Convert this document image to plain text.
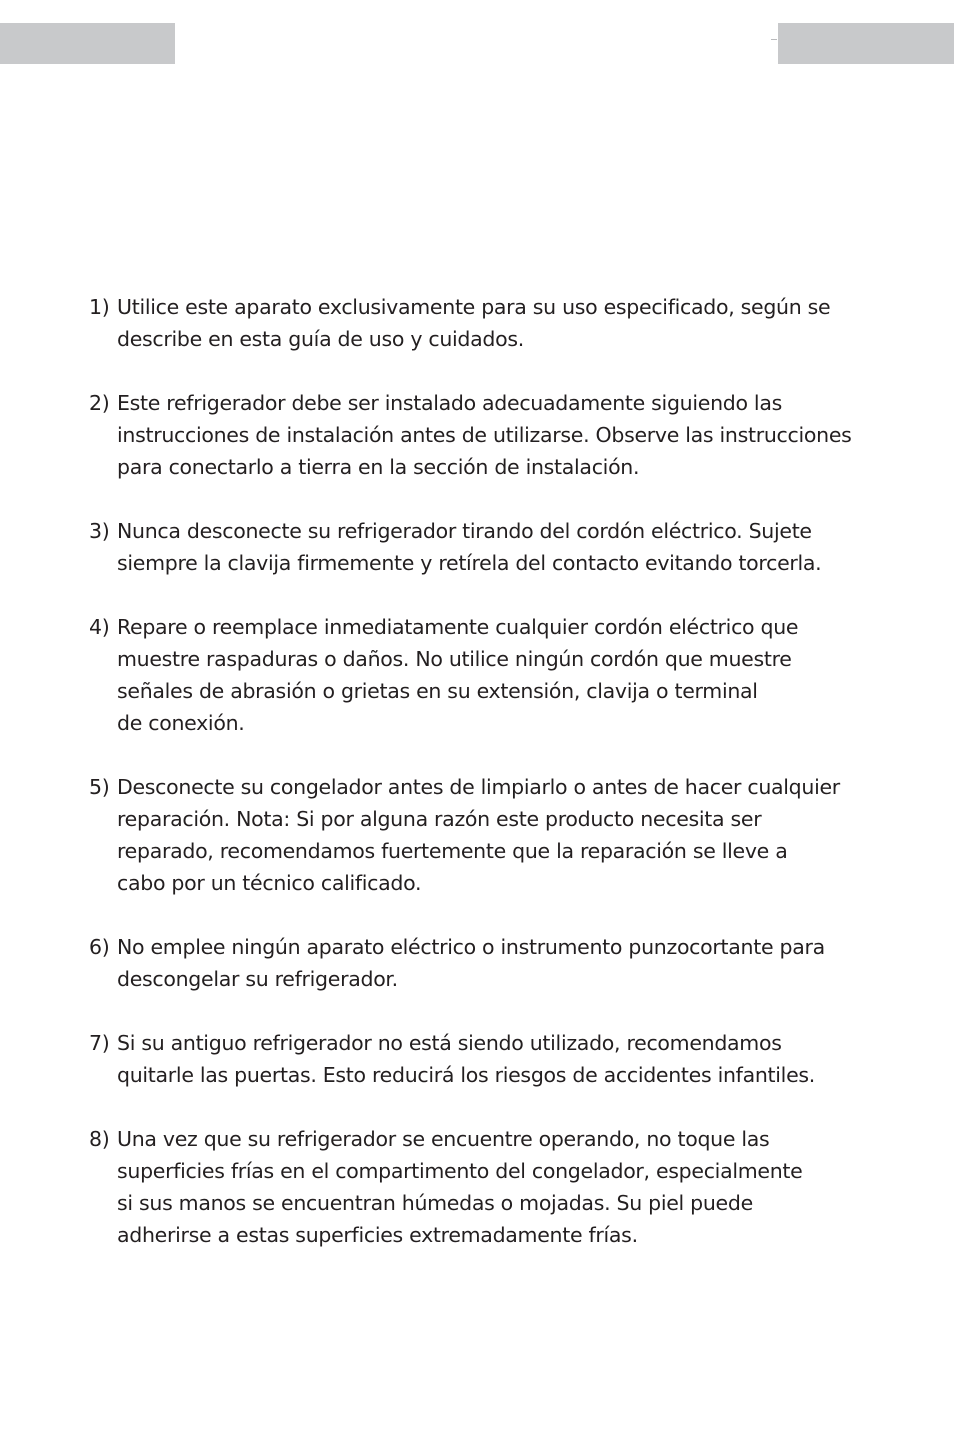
1) Utilice este aparato exclusivamente para su uso especificado, según se
describe en esta guía de uso y cuidados.
2) Este refrigerador debe ser instalado adecuadamente siguiendo las
instrucciones de instalación antes de utilizarse. Observe las instrucciones
para conectarlo a tierra en la sección de instalación.
3) Nunca desconecte su refrigerador tirando del cordón eléctrico. Sujete
siempre la clavija firmemente y retírela del contacto evitando torcerla.
4) Repare o reemplace inmediatamente cualquier cordón eléctrico que
muestre raspaduras o daños. No utilice ningún cordón que muestre
señales de abrasión o grietas en su extensión, clavija o terminal
de conexión.
5) Desconecte su congelador antes de limpiarlo o antes de hacer cualquier
reparación. Nota: Si por alguna razón este producto necesita ser
reparado, recomendamos fuertemente que la reparación se lleve a
cabo por un técnico calificado.
6) No emplee ningún aparato eléctrico o instrumento punzocortante para
descongelar su refrigerador.
7) Si su antiguo refrigerador no está siendo utilizado, recomendamos
quitarle las puertas. Esto reducirá los riesgos de accidentes infantiles.
8) Una vez que su refrigerador se encuentre operando, no toque las
superficies frías en el compartimento del congelador, especialmente
si sus manos se encuentran húmedas o mojadas. Su piel puede
adherirse a estas superficies extremadamente frías.
